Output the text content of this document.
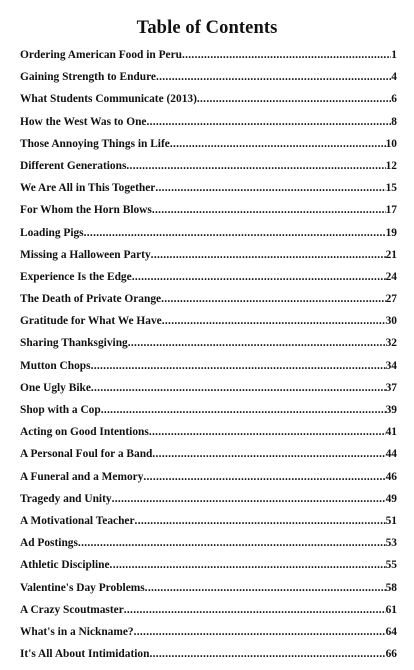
Table of Contents
Ordering American Food in Peru .....	1
Gaining Strength to Endure .....	4
What Students Communicate (2013) .....	6
How the West Was to One .....	8
Those Annoying Things in Life .....	10
Different Generations .....	12
We Are All in This Together .....	15
For Whom the Horn Blows .....	17
Loading Pigs .....	19
Missing a Halloween Party .....	21
Experience Is the Edge .....	24
The Death of Private Orange .....	27
Gratitude for What We Have .....	30
Sharing Thanksgiving .....	32
Mutton Chops .....	34
One Ugly Bike .....	37
Shop with a Cop .....	39
Acting on Good Intentions .....	41
A Personal Foul for a Band .....	44
A Funeral and a Memory .....	46
Tragedy and Unity .....	49
A Motivational Teacher .....	51
Ad Postings .....	53
Athletic Discipline .....	55
Valentine's Day Problems .....	58
A Crazy Scoutmaster .....	61
What's in a Nickname? .....	64
It's All About Intimidation .....	66
